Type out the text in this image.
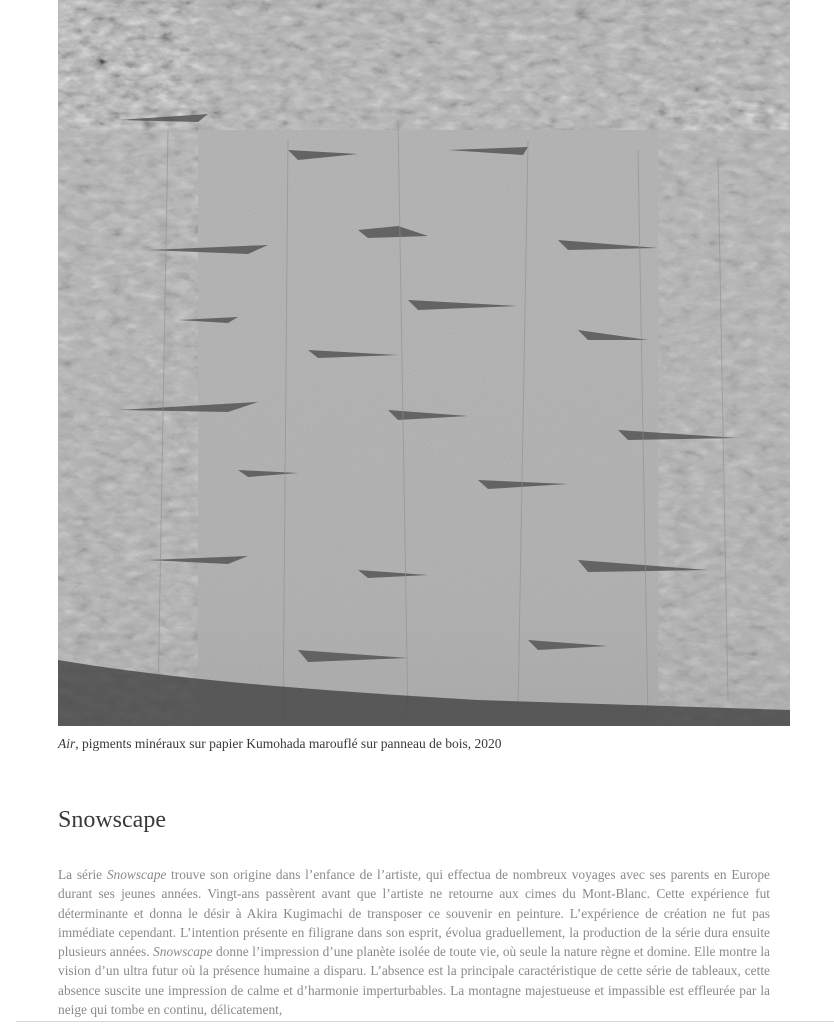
Air, pigments minéraux sur papier Kumohada marouflé sur panneau de bois, 2020
Snowscape

La série Snowscape trouve son origine dans l’enfance de l’artiste, qui effectua de nombreux voyages avec ses parents en Europe durant ses jeunes années. Vingt-ans passèrent avant que l’artiste ne retourne aux cimes du Mont-Blanc. Cette expérience fut déterminante et donna le désir à Akira Kugimachi de transposer ce souvenir en peinture. L’expérience de création ne fut pas immédiate cependant. L’intention présente en filigrane dans son esprit, évolua graduellement, la production de la série dura ensuite plusieurs années. Snowscape donne l’impression d’une planète isolée de toute vie, où seule la nature règne et domine. Elle montre la vision d’un ultra futur où la présence humaine a disparu. L’absence est la principale caractéristique de cette série de tableaux, cette absence suscite une impression de calme et d’harmonie imperturbables. La montagne majestueuse et impassible est effleurée par la neige qui tombe en continu, délicatement,
